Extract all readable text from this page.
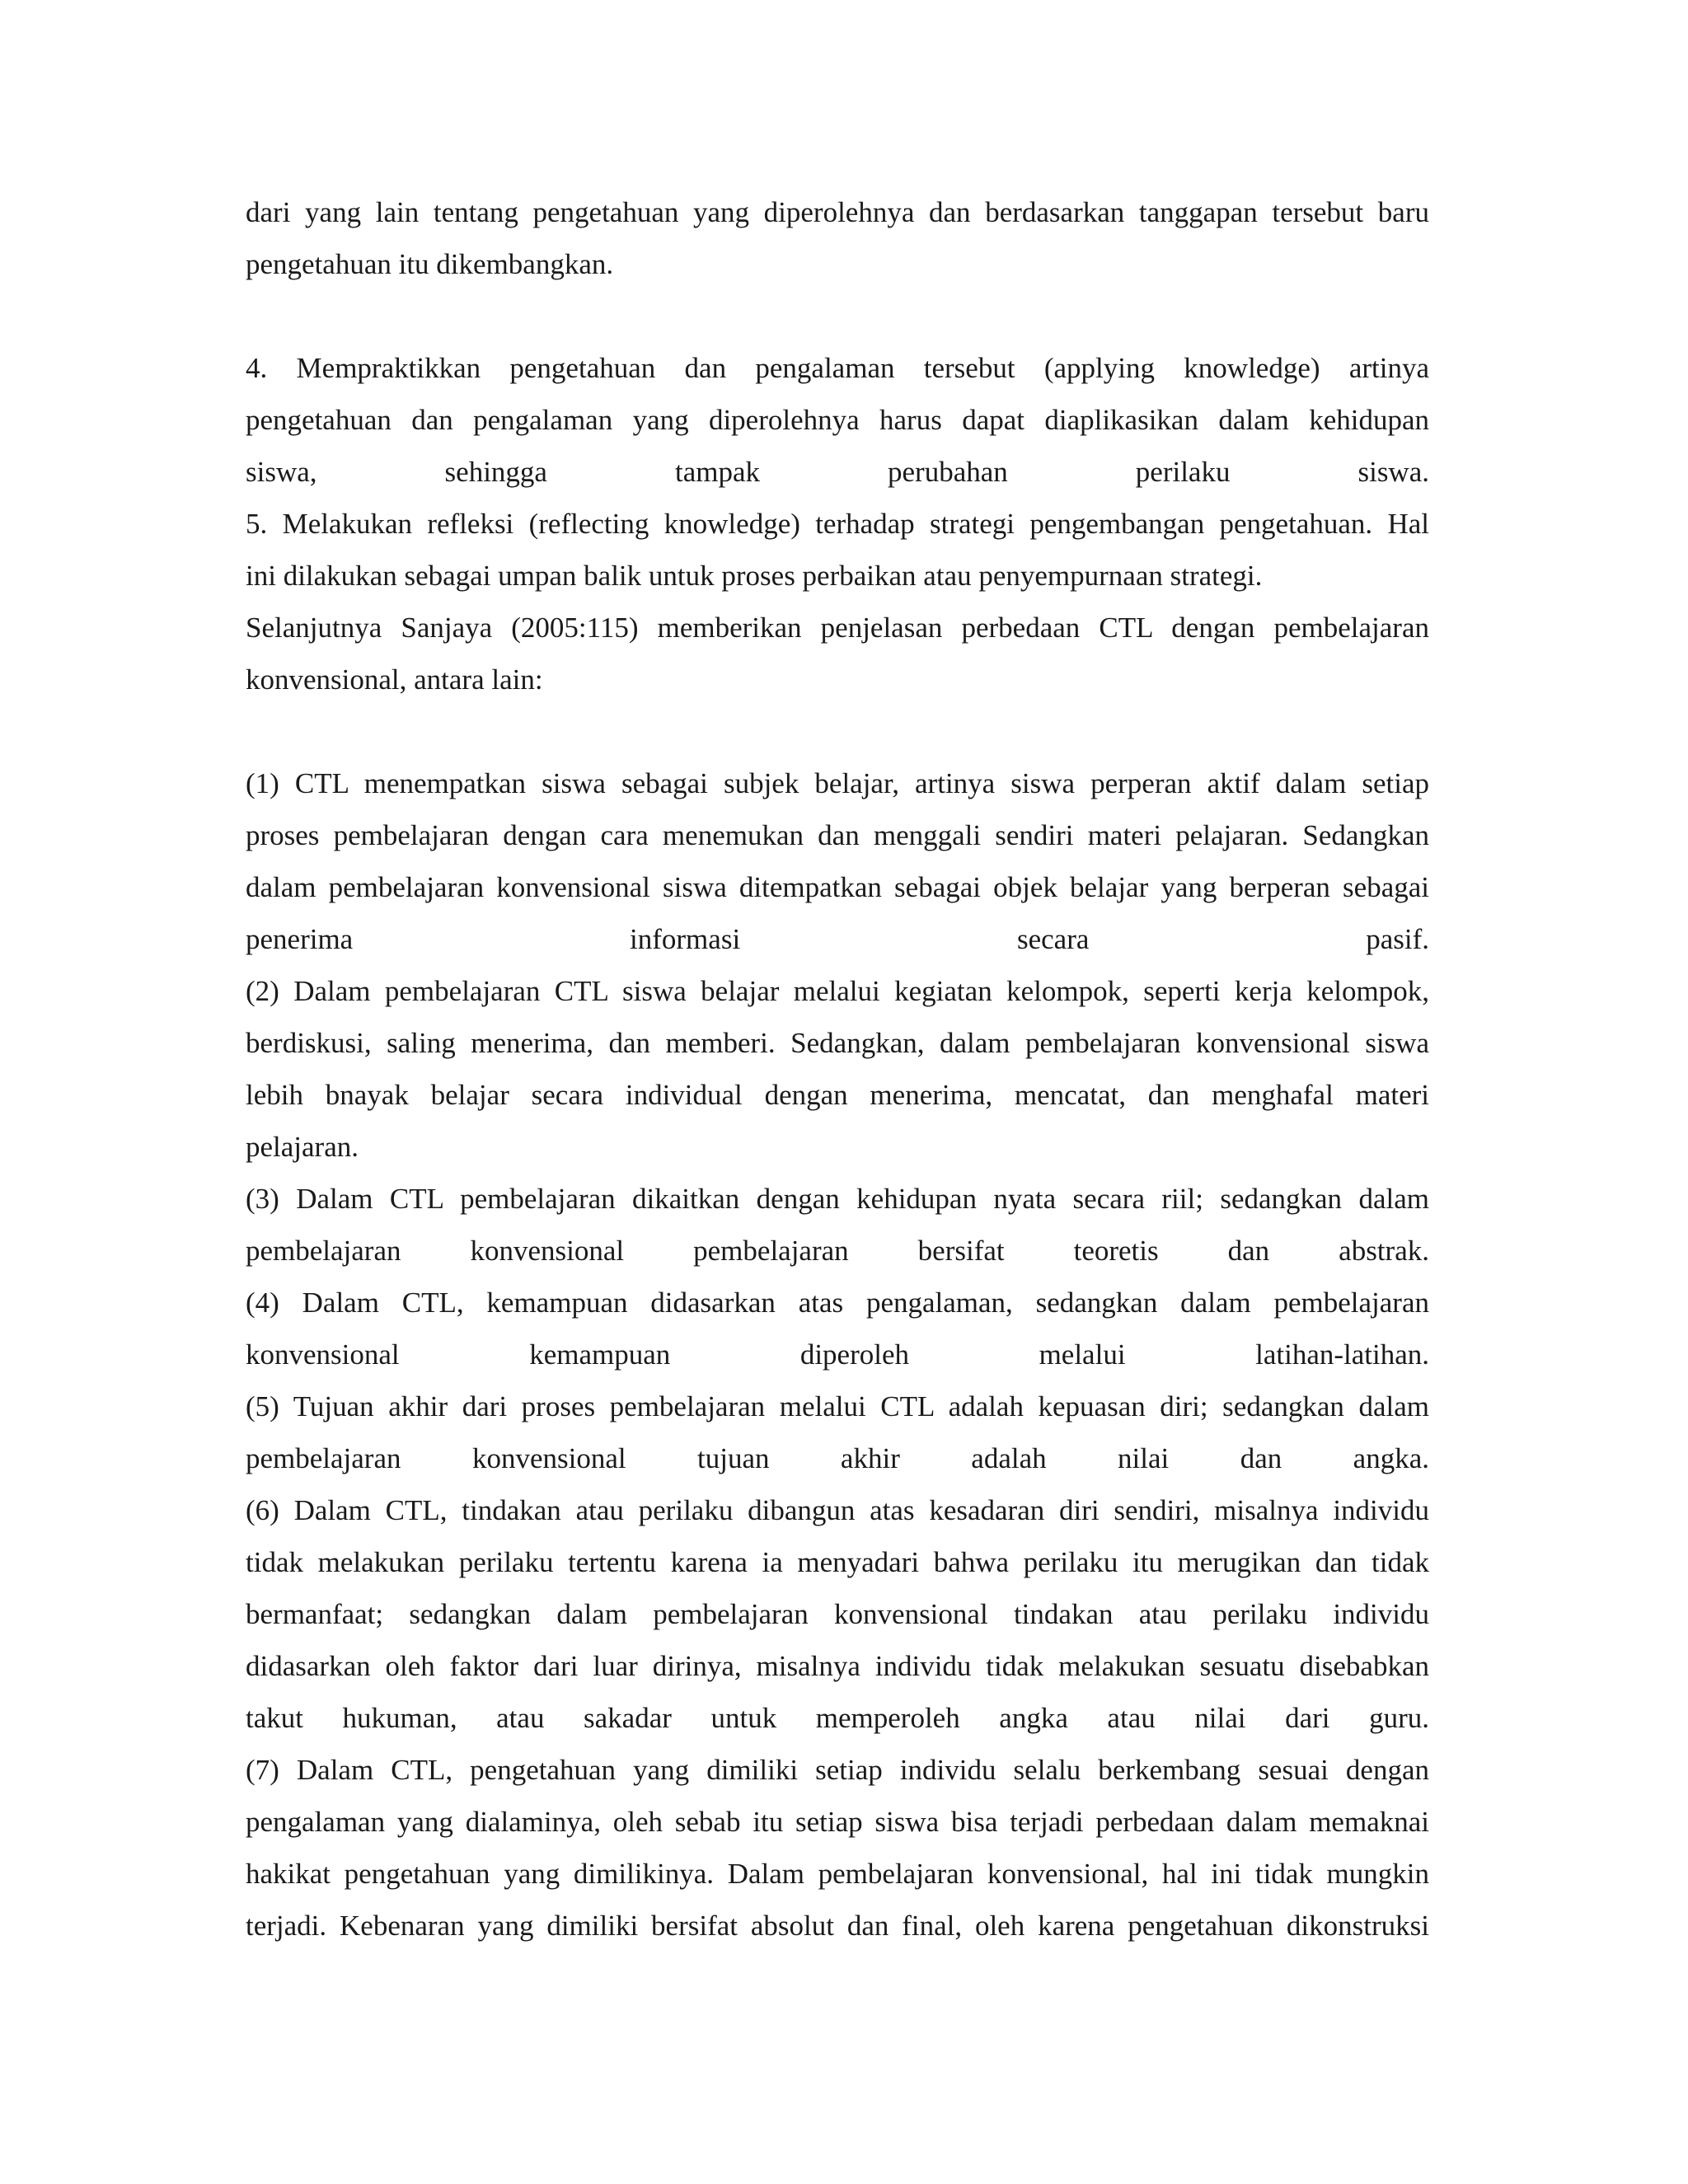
dari yang lain tentang pengetahuan yang diperolehnya dan berdasarkan tanggapan tersebut baru
pengetahuan itu dikembangkan.
4. Mempraktikkan pengetahuan dan pengalaman tersebut (applying knowledge) artinya
pengetahuan dan pengalaman yang diperolehnya harus dapat diaplikasikan dalam kehidupan
siswa, sehingga tampak perubahan perilaku siswa.
5. Melakukan refleksi (reflecting knowledge) terhadap strategi pengembangan pengetahuan. Hal
ini dilakukan sebagai umpan balik untuk proses perbaikan atau penyempurnaan strategi.
Selanjutnya Sanjaya (2005:115) memberikan penjelasan perbedaan CTL dengan pembelajaran
konvensional, antara lain:
(1) CTL menempatkan siswa sebagai subjek belajar, artinya siswa perperan aktif dalam setiap
proses pembelajaran dengan cara menemukan dan menggali sendiri materi pelajaran. Sedangkan
dalam pembelajaran konvensional siswa ditempatkan sebagai objek belajar yang berperan sebagai
penerima informasi secara pasif.
(2) Dalam pembelajaran CTL siswa belajar melalui kegiatan kelompok, seperti kerja kelompok,
berdiskusi, saling menerima, dan memberi. Sedangkan, dalam pembelajaran konvensional siswa
lebih bnayak belajar secara individual dengan menerima, mencatat, dan menghafal materi
pelajaran.
(3) Dalam CTL pembelajaran dikaitkan dengan kehidupan nyata secara riil; sedangkan dalam
pembelajaran konvensional pembelajaran bersifat teoretis dan abstrak.
(4) Dalam CTL, kemampuan didasarkan atas pengalaman, sedangkan dalam pembelajaran
konvensional kemampuan diperoleh melalui latihan-latihan.
(5) Tujuan akhir dari proses pembelajaran melalui CTL adalah kepuasan diri; sedangkan dalam
pembelajaran konvensional tujuan akhir adalah nilai dan angka.
(6) Dalam CTL, tindakan atau perilaku dibangun atas kesadaran diri sendiri, misalnya individu
tidak melakukan perilaku tertentu karena ia menyadari bahwa perilaku itu merugikan dan tidak
bermanfaat; sedangkan dalam pembelajaran konvensional tindakan atau perilaku individu
didasarkan oleh faktor dari luar dirinya, misalnya individu tidak melakukan sesuatu disebabkan
takut hukuman, atau sakadar untuk memperoleh angka atau nilai dari guru.
(7) Dalam CTL, pengetahuan yang dimiliki setiap individu selalu berkembang sesuai dengan
pengalaman yang dialaminya, oleh sebab itu setiap siswa bisa terjadi perbedaan dalam memaknai
hakikat pengetahuan yang dimilikinya. Dalam pembelajaran konvensional, hal ini tidak mungkin
terjadi. Kebenaran yang dimiliki bersifat absolut dan final, oleh karena pengetahuan dikonstruksi
